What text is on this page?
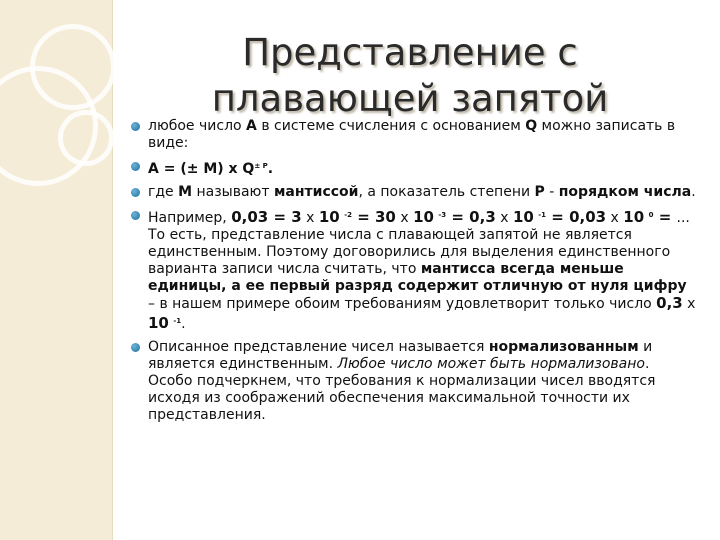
Представление с
плавающей запятой
любое число A в системе счисления с основанием Q можно записать в виде:
A = (± M) x $Q^{\pm P}$.
где M называют мантиссой, а показатель степени P - порядком числа.
Например, 0,03 = 3 x 10 $^{-2}$ = 30 x 10 $^{-3}$ = 0,3 x 10 $^{-1}$ = 0,03 x 10 $^0$ = ... То есть, представление числа с плавающей запятой не является единственным. Поэтому договорились для выделения единственного варианта записи числа считать, что мантисса всегда меньше единицы, а ее первый разряд содержит отличную от нуля цифру – в нашем примере обоим требованиям удовлетворит только число 0,3 x 10 $^{-1}$.
Описанное представление чисел называется нормализованным и является единственным. Любое число может быть нормализовано. Особо подчеркнем, что требования к нормализации чисел вводятся исходя из соображений обеспечения максимальной точности их представления.
